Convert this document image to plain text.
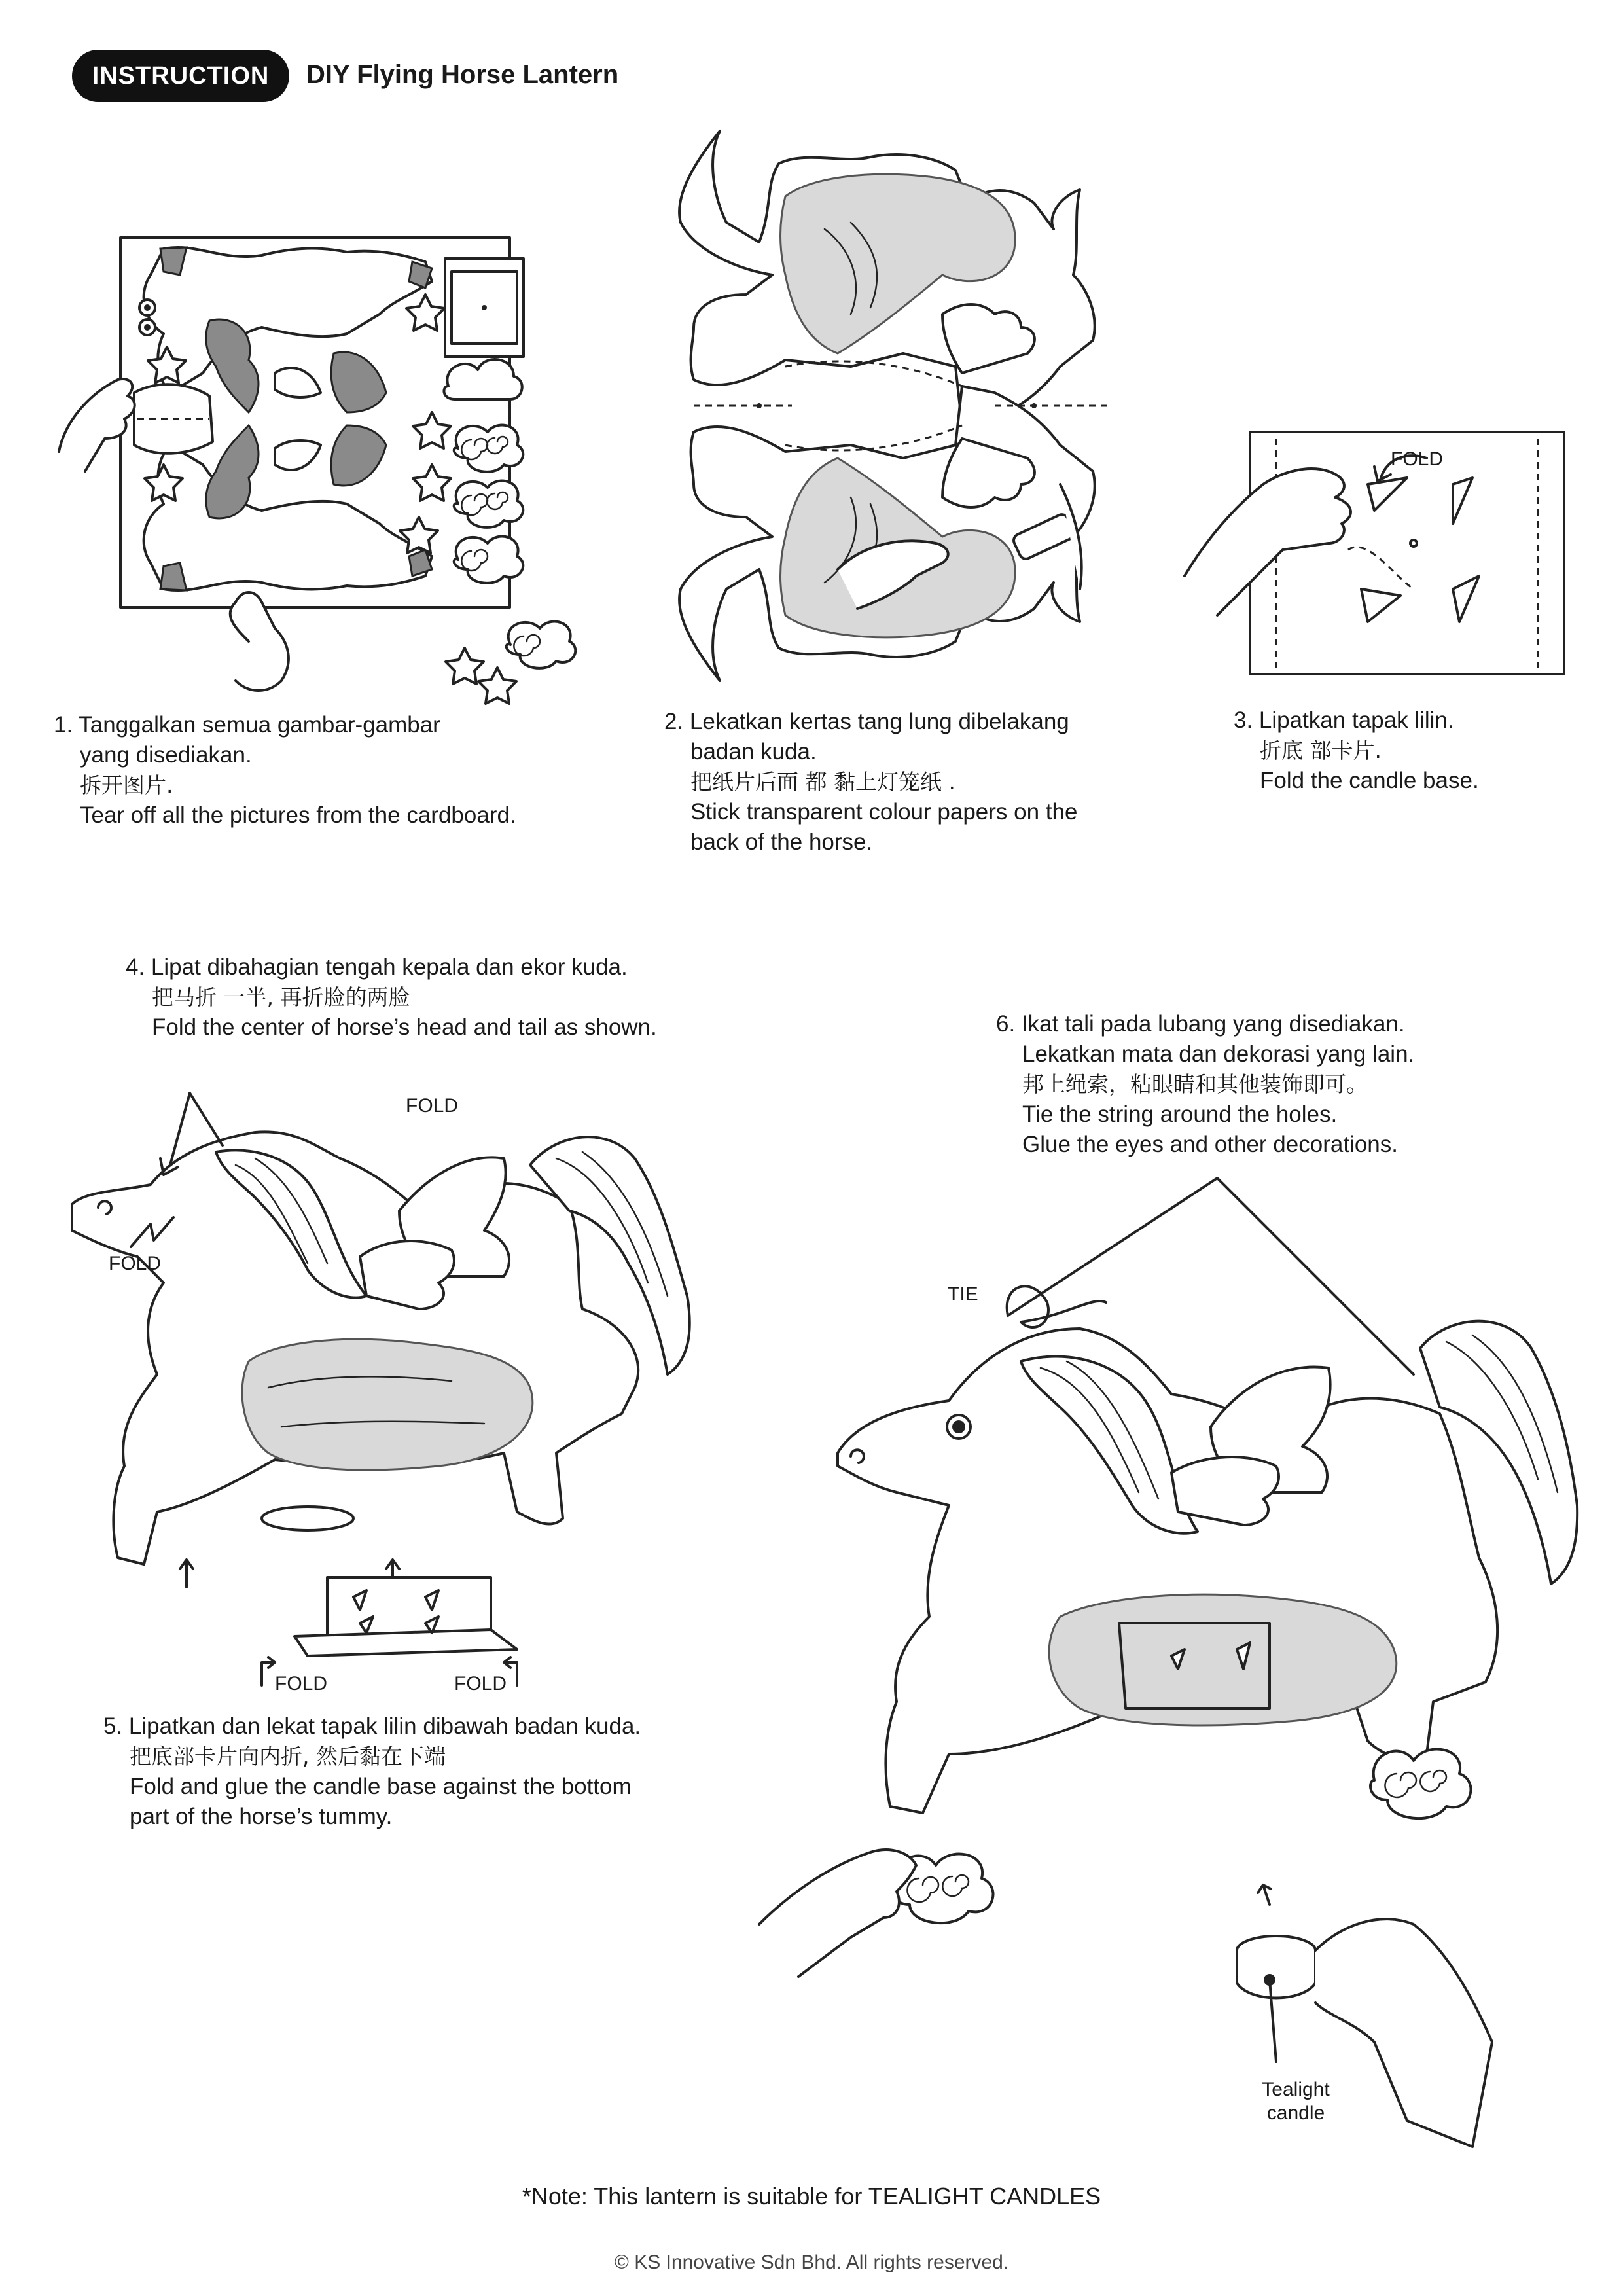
INSTRUCTION	DIY Flying Horse Lantern
FOLD
FOLD
FOLD
FOLD	FOLD
TIE
Tealight
candle
1. Tanggalkan semua gambar-gambar
yang disediakan.
拆开图片.
Tear off all the pictures from the cardboard.
2. Lekatkan kertas tang lung dibelakang
badan kuda.
把纸片后面 都 黏上灯笼纸 .
Stick transparent colour papers on the
back of the horse.
3. Lipatkan tapak lilin.
折底 部卡片.
Fold the candle base.
4. Lipat dibahagian tengah kepala dan ekor kuda.
把马折 一半, 再折脸的两脸
Fold the center of horse’s head and tail as shown.
5. Lipatkan dan lekat tapak lilin dibawah badan kuda.
把底部卡片向内折, 然后黏在下端
Fold and glue the candle base against the bottom
part of the horse’s tummy.
6. Ikat tali pada lubang yang disediakan.
Lekatkan mata dan dekorasi yang lain.
邦上绳索，粘眼睛和其他装饰即可。
Tie the string around the holes.
Glue the eyes and other decorations.
*Note: This lantern is suitable for TEALIGHT CANDLES
© KS Innovative Sdn Bhd. All rights reserved.
